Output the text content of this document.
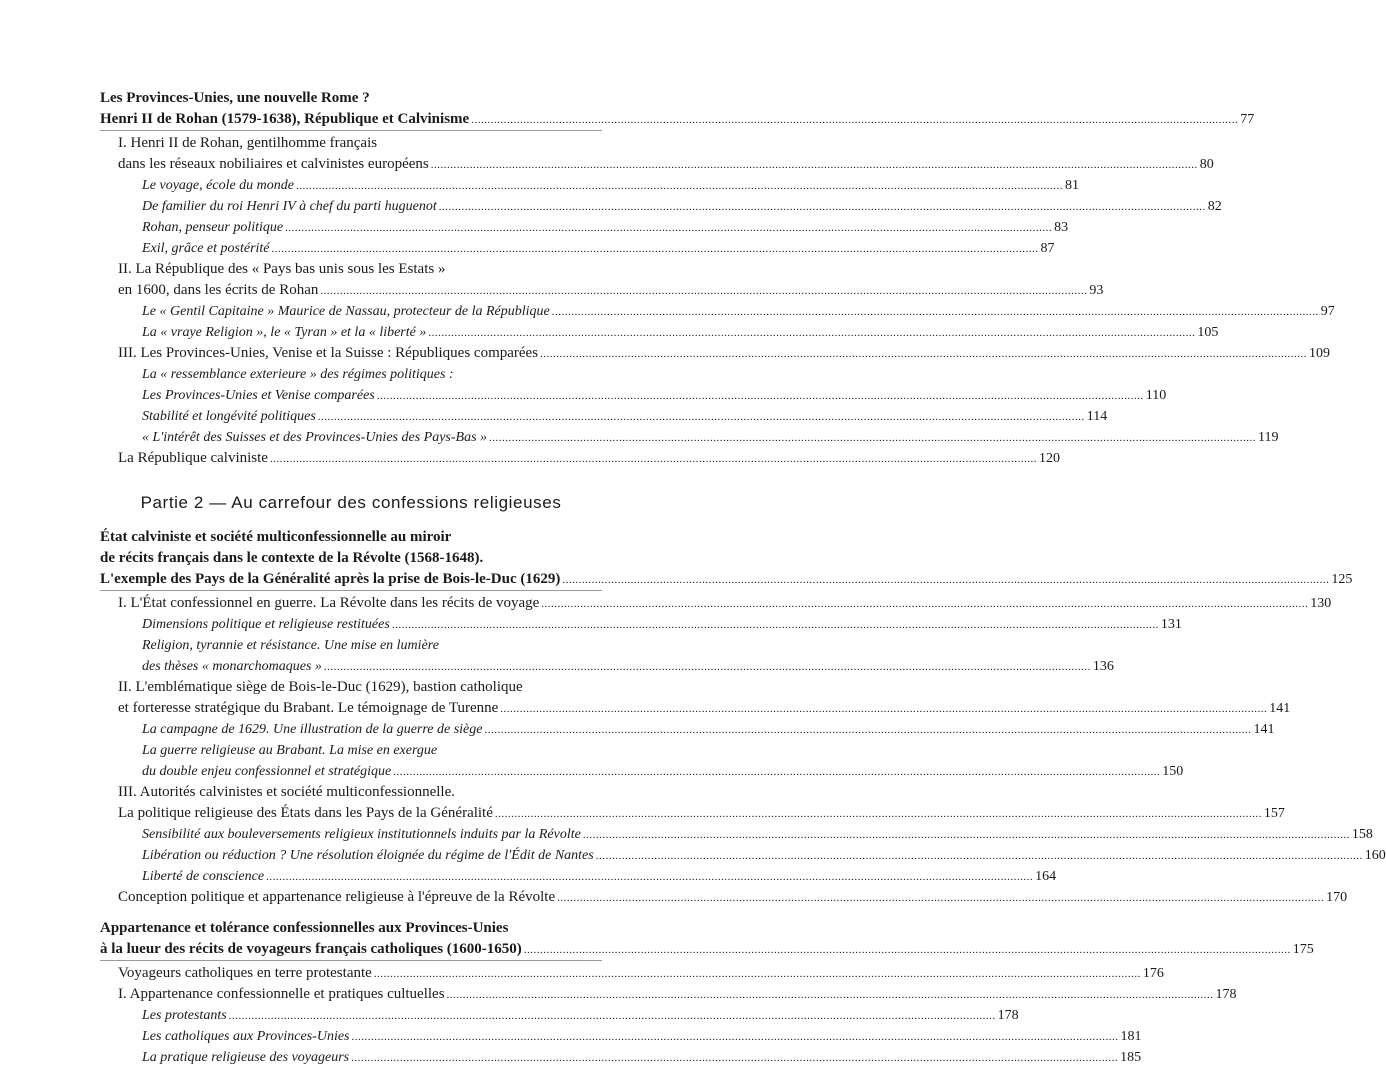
Les Provinces-Unies, une nouvelle Rome ?
Henri II de Rohan (1579-1638), République et Calvinisme .....	77
I. Henri II de Rohan, gentilhomme français
dans les réseaux nobiliaires et calvinistes européens .....	80
Le voyage, école du monde .....	81
De familier du roi Henri IV à chef du parti huguenot .....	82
Rohan, penseur politique .....	83
Exil, grâce et postérité .....	87
II. La République des « Pays bas unis sous les Estats »
en 1600, dans les écrits de Rohan .....	93
Le « Gentil Capitaine » Maurice de Nassau, protecteur de la République .....	97
La « vraye Religion », le « Tyran » et la « liberté » .....	105
III. Les Provinces-Unies, Venise et la Suisse : Républiques comparées .....	109
La « ressemblance exterieure » des régimes politiques :
Les Provinces-Unies et Venise comparées .....	110
Stabilité et longévité politiques .....	114
« L'intérêt des Suisses et des Provinces-Unies des Pays-Bas » .....	119
La République calviniste .....	120
Partie 2 — Au carrefour des confessions religieuses
État calviniste et société multiconfessionnelle au miroir
de récits français dans le contexte de la Révolte (1568-1648).
L'exemple des Pays de la Généralité après la prise de Bois-le-Duc (1629) .....	125
I. L'État confessionnel en guerre. La Révolte dans les récits de voyage .....	130
Dimensions politique et religieuse restituées .....	131
Religion, tyrannie et résistance. Une mise en lumière
des thèses « monarchomaques » .....	136
II. L'emblématique siège de Bois-le-Duc (1629), bastion catholique
et forteresse stratégique du Brabant. Le témoignage de Turenne .....	141
La campagne de 1629. Une illustration de la guerre de siège .....	141
La guerre religieuse au Brabant. La mise en exergue
du double enjeu confessionnel et stratégique .....	150
III. Autorités calvinistes et société multiconfessionnelle.
La politique religieuse des États dans les Pays de la Généralité .....	157
Sensibilité aux bouleversements religieux institutionnels induits par la Révolte .....	158
Libération ou réduction ? Une résolution éloignée du régime de l'Édit de Nantes .....	160
Liberté de conscience .....	164
Conception politique et appartenance religieuse à l'épreuve de la Révolte .....	170
Appartenance et tolérance confessionnelles aux Provinces-Unies
à la lueur des récits de voyageurs français catholiques (1600-1650) .....	175
Voyageurs catholiques en terre protestante .....	176
I. Appartenance confessionnelle et pratiques cultuelles .....	178
Les protestants .....	178
Les catholiques aux Provinces-Unies .....	181
La pratique religieuse des voyageurs .....	185
